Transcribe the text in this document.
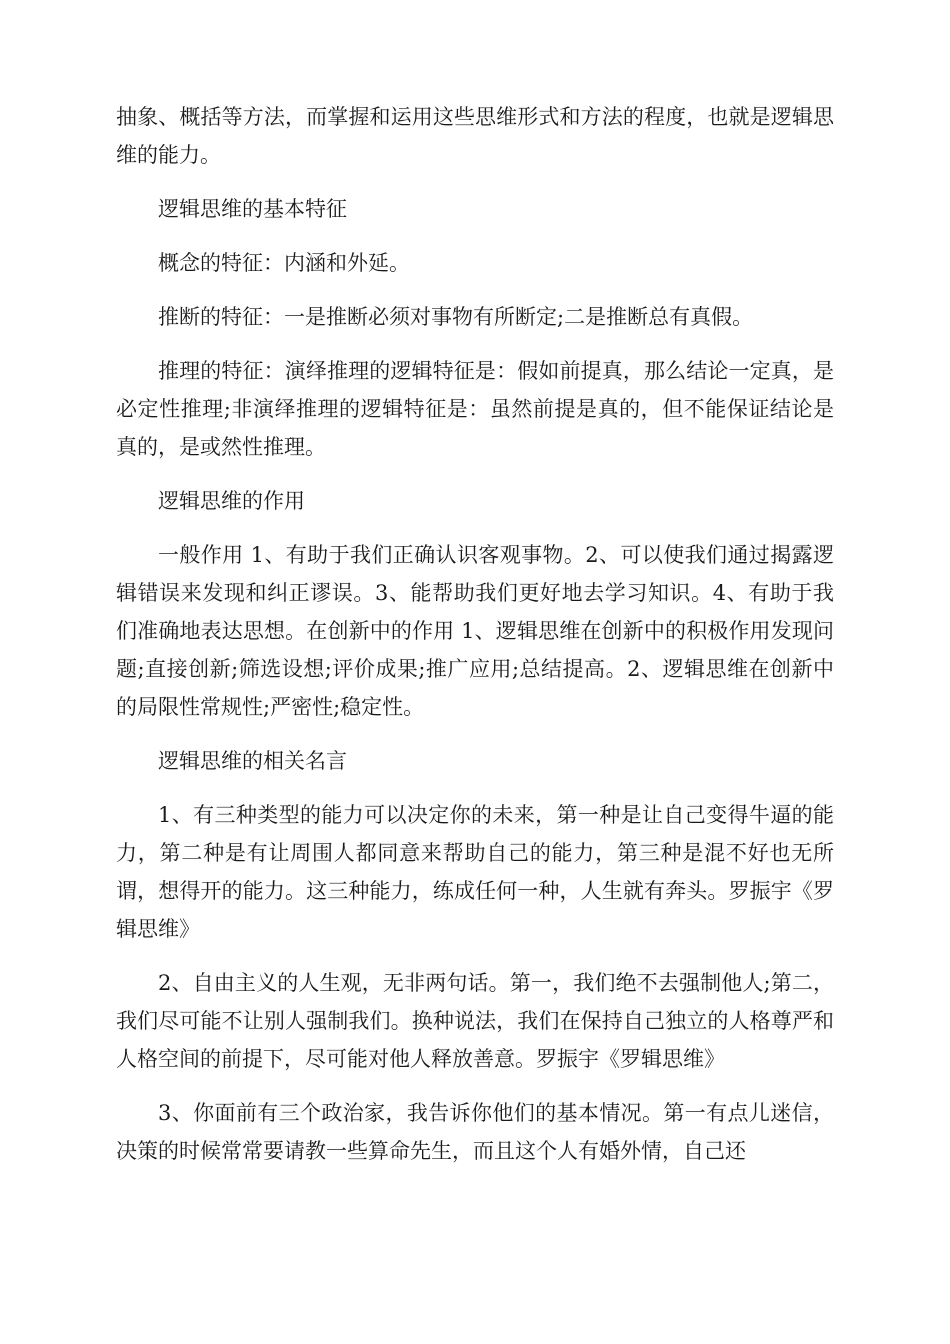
抽象、概括等方法，而掌握和运用这些思维形式和方法的程度，也就是逻辑思维的能力。

逻辑思维的基本特征

概念的特征：内涵和外延。

推断的特征：一是推断必须对事物有所断定;二是推断总有真假。

推理的特征：演绎推理的逻辑特征是：假如前提真，那么结论一定真，是必定性推理;非演绎推理的逻辑特征是：虽然前提是真的，但不能保证结论是真的，是或然性推理。

逻辑思维的作用

一般作用 1、有助于我们正确认识客观事物。2、可以使我们通过揭露逻辑错误来发现和纠正谬误。3、能帮助我们更好地去学习知识。4、有助于我们准确地表达思想。在创新中的作用 1、逻辑思维在创新中的积极作用发现问题;直接创新;筛选设想;评价成果;推广应用;总结提高。2、逻辑思维在创新中的局限性常规性;严密性;稳定性。

逻辑思维的相关名言

1、有三种类型的能力可以决定你的未来，第一种是让自己变得牛逼的能力，第二种是有让周围人都同意来帮助自己的能力，第三种是混不好也无所谓，想得开的能力。这三种能力，练成任何一种，人生就有奔头。罗振宇《罗辑思维》

2、自由主义的人生观，无非两句话。第一，我们绝不去强制他人;第二，我们尽可能不让别人强制我们。换种说法，我们在保持自己独立的人格尊严和人格空间的前提下，尽可能对他人释放善意。罗振宇《罗辑思维》

3、你面前有三个政治家，我告诉你他们的基本情况。第一有点儿迷信，决策的时候常常要请教一些算命先生，而且这个人有婚外情，自己还
